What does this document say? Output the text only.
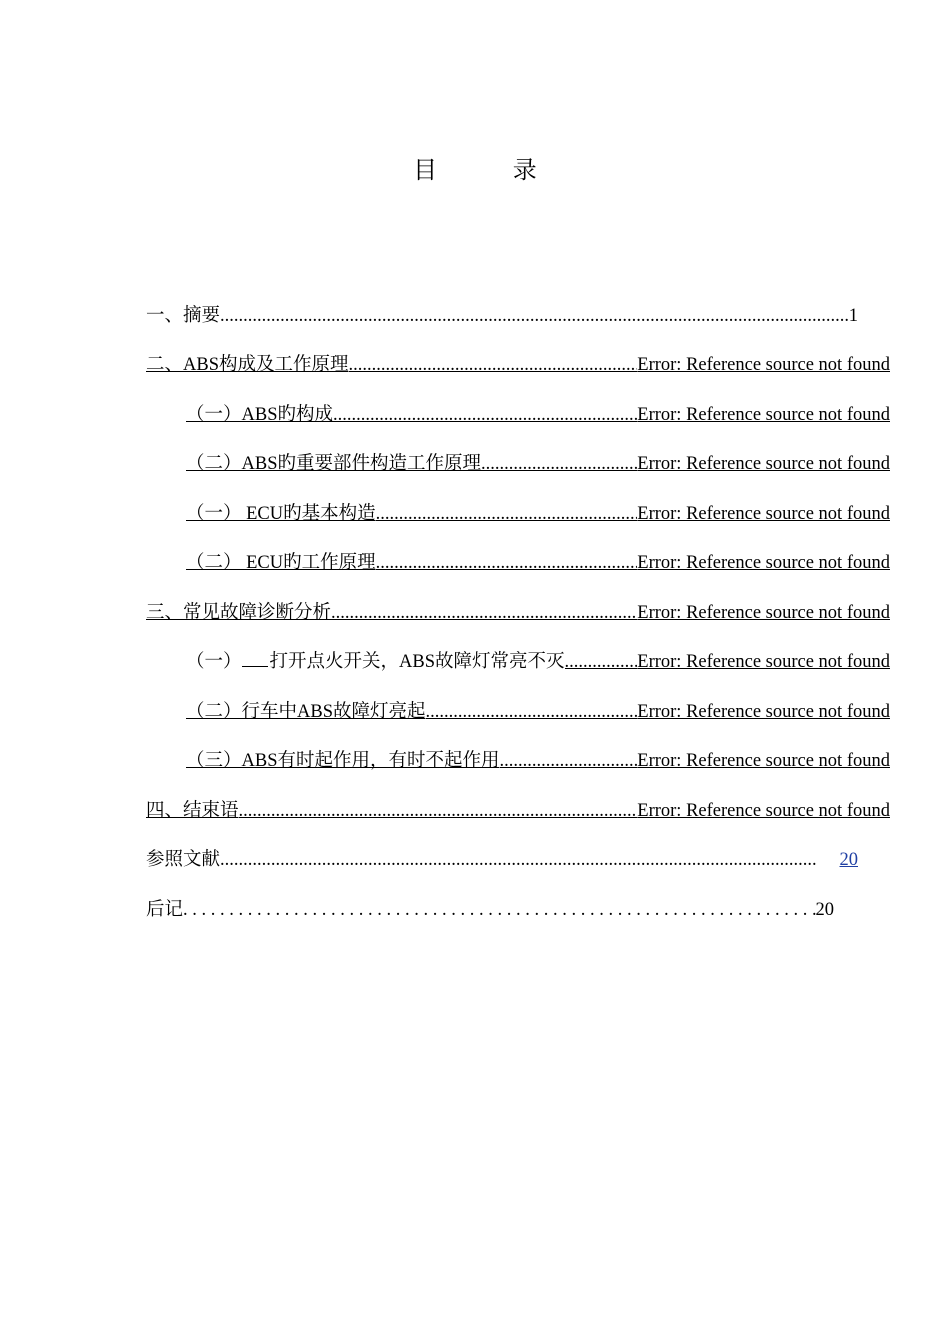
目 录
一、摘要 .....	1
二、ABS构成及工作原理 .....	Error: Reference source not found
（一）ABS旳构成 .....	Error: Reference source not found
（二）ABS旳重要部件构造工作原理 .....	Error: Reference source not found
（一） ECU旳基本构造 .....	Error: Reference source not found
（二） ECU旳工作原理 .....	Error: Reference source not found
三、常见故障诊断分析 .....	Error: Reference source not found
（一） 打开点火开关，ABS故障灯常亮不灭 .....	Error: Reference source not found
（二）行车中ABS故障灯亮起 .....	Error: Reference source not found
（三）ABS有时起作用，有时不起作用 .....	Error: Reference source not found
四、结束语 .....	Error: Reference source not found
参照文献 .....	20
后记 . . .	20
